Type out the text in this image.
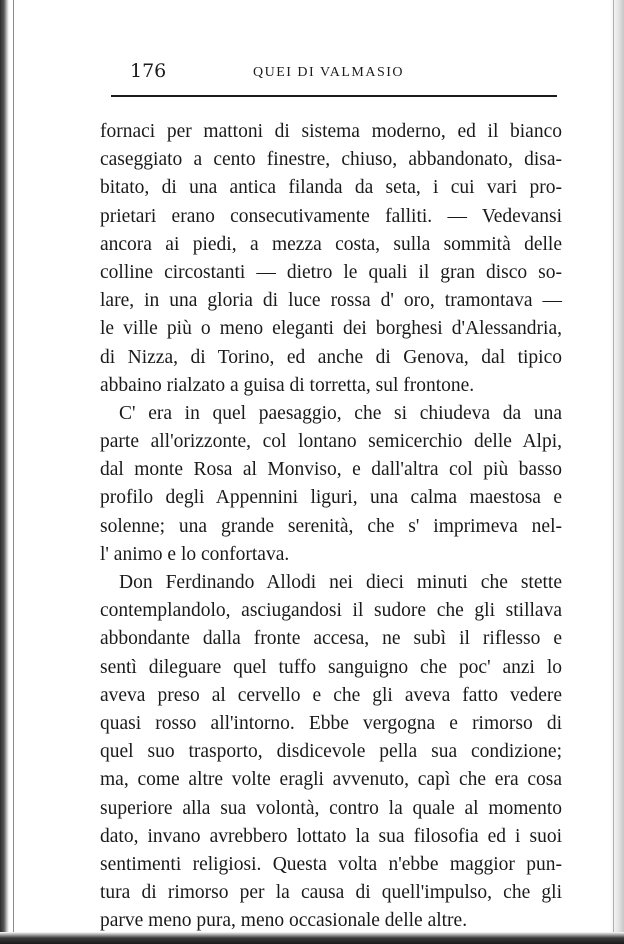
176	QUEI DI VALMASIO
fornaci per mattoni di sistema moderno, ed il bianco
caseggiato a cento finestre, chiuso, abbandonato, disa-
bitato, di una antica filanda da seta, i cui vari pro-
prietari erano consecutivamente falliti. — Vedevansi
ancora ai piedi, a mezza costa, sulla sommità delle
colline circostanti — dietro le quali il gran disco so-
lare, in una gloria di luce rossa d' oro, tramontava —
le ville più o meno eleganti dei borghesi d'Alessandria,
di Nizza, di Torino, ed anche di Genova, dal tipico
abbaino rialzato a guisa di torretta, sul frontone.
C' era in quel paesaggio, che si chiudeva da una
parte all'orizzonte, col lontano semicerchio delle Alpi,
dal monte Rosa al Monviso, e dall'altra col più basso
profilo degli Appennini liguri, una calma maestosa e
solenne; una grande serenità, che s' imprimeva nel-
l' animo e lo confortava.
Don Ferdinando Allodi nei dieci minuti che stette
contemplandolo, asciugandosi il sudore che gli stillava
abbondante dalla fronte accesa, ne subì il riflesso e
sentì dileguare quel tuffo sanguigno che poc' anzi lo
aveva preso al cervello e che gli aveva fatto vedere
quasi rosso all'intorno. Ebbe vergogna e rimorso di
quel suo trasporto, disdicevole pella sua condizione;
ma, come altre volte eragli avvenuto, capì che era cosa
superiore alla sua volontà, contro la quale al momento
dato, invano avrebbero lottato la sua filosofia ed i suoi
sentimenti religiosi. Questa volta n'ebbe maggior pun-
tura di rimorso per la causa di quell'impulso, che gli
parve meno pura, meno occasionale delle altre.
